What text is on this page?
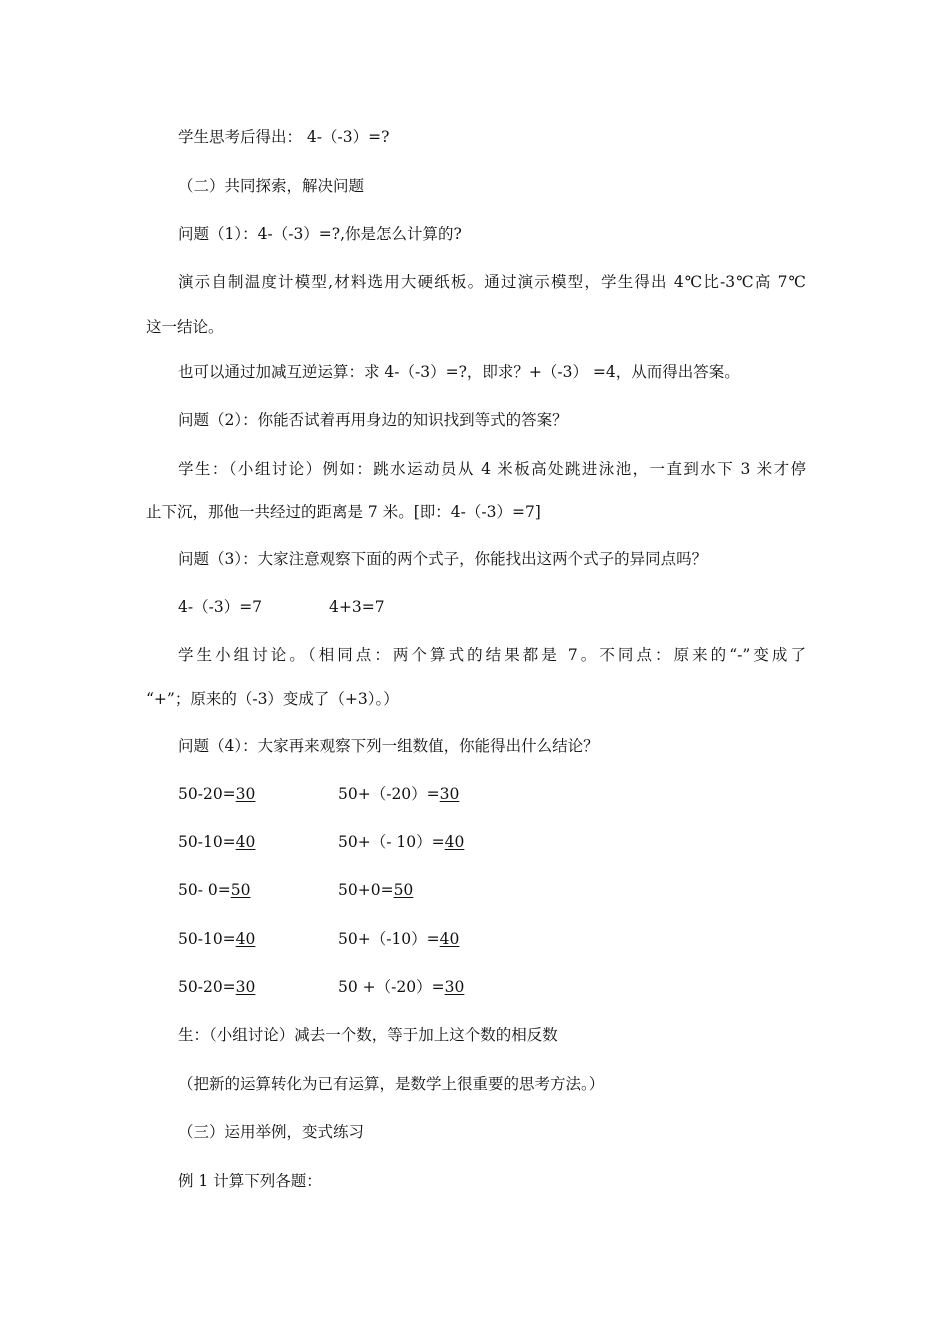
学生思考后得出： 4-（-3）=?
（二）共同探索，解决问题
问题（1）：4-（-3）=?,你是怎么计算的?
演示自制温度计模型,材料选用大硬纸板。通过演示模型，学生得出 4℃比-3℃高 7℃
这一结论。
也可以通过加减互逆运算：求 4-（-3）=?，即求？+（-3） =4，从而得出答案。
问题（2）：你能否试着再用身边的知识找到等式的答案？
学生：（小组讨论）例如：跳水运动员从 4 米板高处跳进泳池，一直到水下 3 米才停
止下沉，那他一共经过的距离是 7 米。[即：4-（-3）=7]
问题（3）：大家注意观察下面的两个式子，你能找出这两个式子的异同点吗？
4-（-3）=7	4+3=7
学生小组讨论。（相同点：两个算式的结果都是 7。不同点：原来的“-”变成了
“+”；原来的（-3）变成了（+3）。）
问题（4）：大家再来观察下列一组数值，你能得出什么结论？
50-20=30	50+（-20）=30
50-10=40	50+（- 10）=40
50- 0=50	50+0=50
50-10=40	50+（-10）=40
50-20=30	50 +（-20）=30
生：（小组讨论）减去一个数，等于加上这个数的相反数
（把新的运算转化为已有运算，是数学上很重要的思考方法。）
（三）运用举例，变式练习
例 1 计算下列各题：
